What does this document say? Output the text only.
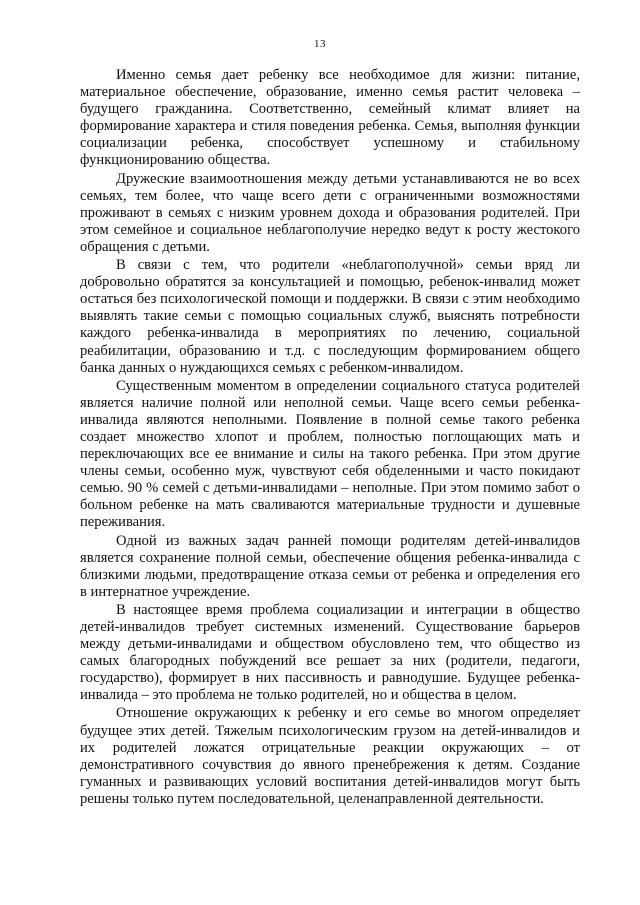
13

Именно семья дает ребенку все необходимое для жизни: питание, материальное обеспечение, образование, именно семья растит человека – будущего гражданина. Соответственно, семейный климат влияет на формирование характера и стиля поведения ребенка. Семья, выполняя функции социализации ребенка, способствует успешному и стабильному функционированию общества.

Дружеские взаимоотношения между детьми устанавливаются не во всех семьях, тем более, что чаще всего дети с ограниченными возможностями проживают в семьях с низким уровнем дохода и образования родителей. При этом семейное и социальное неблагополучие нередко ведут к росту жестокого обращения с детьми.

В связи с тем, что родители «неблагополучной» семьи вряд ли добровольно обратятся за консультацией и помощью, ребенок-инвалид может остаться без психологической помощи и поддержки. В связи с этим необходимо выявлять такие семьи с помощью социальных служб, выяснять потребности каждого ребенка-инвалида в мероприятиях по лечению, социальной реабилитации, образованию и т.д. с последующим формированием общего банка данных о нуждающихся семьях с ребенком-инвалидом.

Существенным моментом в определении социального статуса родителей является наличие полной или неполной семьи. Чаще всего семьи ребенка-инвалида являются неполными. Появление в полной семье такого ребенка создает множество хлопот и проблем, полностью поглощающих мать и переключающих все ее внимание и силы на такого ребенка. При этом другие члены семьи, особенно муж, чувствуют себя обделенными и часто покидают семью. 90 % семей с детьми-инвалидами – неполные. При этом помимо забот о больном ребенке на мать сваливаются материальные трудности и душевные переживания.

Одной из важных задач ранней помощи родителям детей-инвалидов является сохранение полной семьи, обеспечение общения ребенка-инвалида с близкими людьми, предотвращение отказа семьи от ребенка и определения его в интернатное учреждение.

В настоящее время проблема социализации и интеграции в общество детей-инвалидов требует системных изменений. Существование барьеров между детьми-инвалидами и обществом обусловлено тем, что общество из самых благородных побуждений все решает за них (родители, педагоги, государство), формирует в них пассивность и равнодушие. Будущее ребенка-инвалида – это проблема не только родителей, но и общества в целом.

Отношение окружающих к ребенку и его семье во многом определяет будущее этих детей. Тяжелым психологическим грузом на детей-инвалидов и их родителей ложатся отрицательные реакции окружающих – от демонстративного сочувствия до явного пренебрежения к детям. Создание гуманных и развивающих условий воспитания детей-инвалидов могут быть решены только путем последовательной, целенаправленной деятельности.
